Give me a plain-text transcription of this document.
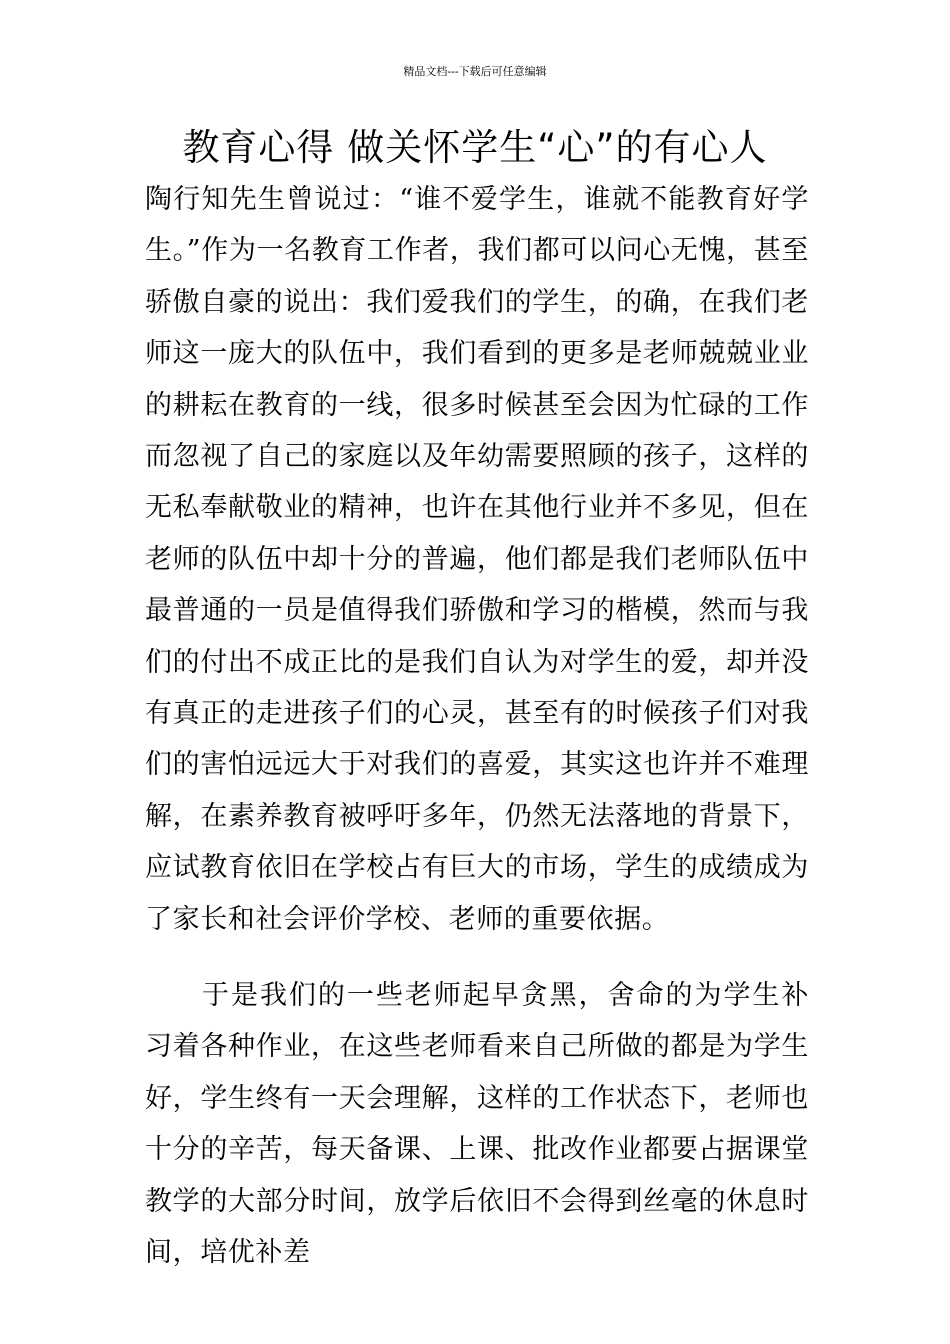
精品文档---下载后可任意编辑
教育心得 做关怀学生“心”的有心人

陶行知先生曾说过：“谁不爱学生，谁就不能教育好学生。”作为一名教育工作者，我们都可以问心无愧，甚至骄傲自豪的说出：我们爱我们的学生，的确，在我们老师这一庞大的队伍中，我们看到的更多是老师兢兢业业的耕耘在教育的一线，很多时候甚至会因为忙碌的工作而忽视了自己的家庭以及年幼需要照顾的孩子，这样的无私奉献敬业的精神，也许在其他行业并不多见，但在老师的队伍中却十分的普遍，他们都是我们老师队伍中最普通的一员是值得我们骄傲和学习的楷模，然而与我们的付出不成正比的是我们自认为对学生的爱，却并没有真正的走进孩子们的心灵，甚至有的时候孩子们对我们的害怕远远大于对我们的喜爱，其实这也许并不难理解，在素养教育被呼吁多年，仍然无法落地的背景下，应试教育依旧在学校占有巨大的市场，学生的成绩成为了家长和社会评价学校、老师的重要依据。

于是我们的一些老师起早贪黑，舍命的为学生补习着各种作业，在这些老师看来自己所做的都是为学生好，学生终有一天会理解，这样的工作状态下，老师也十分的辛苦，每天备课、上课、批改作业都要占据课堂教学的大部分时间，放学后依旧不会得到丝毫的休息时间，培优补差
